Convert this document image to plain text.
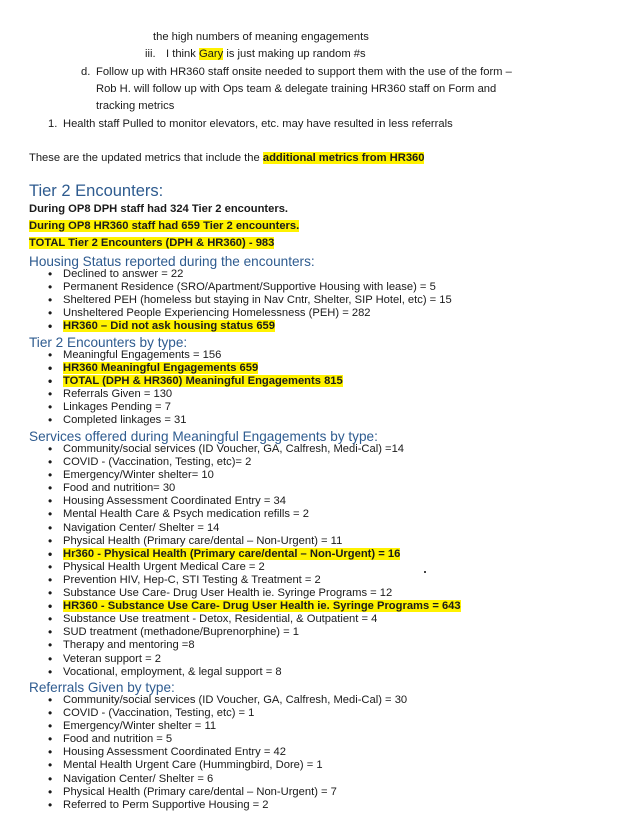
the high numbers of meaning engagements
iii. I think Gary is just making up random #s
d. Follow up with HR360 staff onsite needed to support them with the use of the form –
Rob H. will follow up with Ops team & delegate training HR360 staff on Form and
tracking metrics
1. Health staff Pulled to monitor elevators, etc. may have resulted in less referrals
These are the updated metrics that include the additional metrics from HR360
Tier 2 Encounters:
During OP8 DPH staff had 324 Tier 2 encounters.
During OP8 HR360 staff had 659 Tier 2 encounters.
TOTAL Tier 2 Encounters (DPH & HR360) - 983
Housing Status reported during the encounters:
• Declined to answer = 22
• Permanent Residence (SRO/Apartment/Supportive Housing with lease) = 5
• Sheltered PEH (homeless but staying in Nav Cntr, Shelter, SIP Hotel, etc) = 15
• Unsheltered People Experiencing Homelessness (PEH) = 282
• HR360 – Did not ask housing status 659
Tier 2 Encounters by type:
• Meaningful Engagements = 156
• HR360 Meaningful Engagements 659
• TOTAL (DPH & HR360) Meaningful Engagements 815
• Referrals Given = 130
• Linkages Pending = 7
• Completed linkages = 31
Services offered during Meaningful Engagements by type:
• Community/social services (ID Voucher, GA, Calfresh, Medi-Cal) =14
• COVID - (Vaccination, Testing, etc)= 2
• Emergency/Winter shelter= 10
• Food and nutrition= 30
• Housing Assessment Coordinated Entry = 34
• Mental Health Care & Psych medication refills = 2
• Navigation Center/ Shelter = 14
• Physical Health (Primary care/dental – Non-Urgent) = 11
• Hr360 - Physical Health (Primary care/dental – Non-Urgent) = 16
• Physical Health Urgent Medical Care = 2
• Prevention HIV, Hep-C, STI Testing & Treatment = 2
• Substance Use Care- Drug User Health ie. Syringe Programs = 12
• HR360 - Substance Use Care- Drug User Health ie. Syringe Programs = 643
• Substance Use treatment - Detox, Residential, & Outpatient = 4
• SUD treatment (methadone/Buprenorphine) = 1
• Therapy and mentoring =8
• Veteran support = 2
• Vocational, employment, & legal support = 8
Referrals Given by type:
• Community/social services (ID Voucher, GA, Calfresh, Medi-Cal) = 30
• COVID - (Vaccination, Testing, etc) = 1
• Emergency/Winter shelter = 11
• Food and nutrition = 5
• Housing Assessment Coordinated Entry = 42
• Mental Health Urgent Care (Hummingbird, Dore) = 1
• Navigation Center/ Shelter = 6
• Physical Health (Primary care/dental – Non-Urgent) = 7
• Referred to Perm Supportive Housing = 2
